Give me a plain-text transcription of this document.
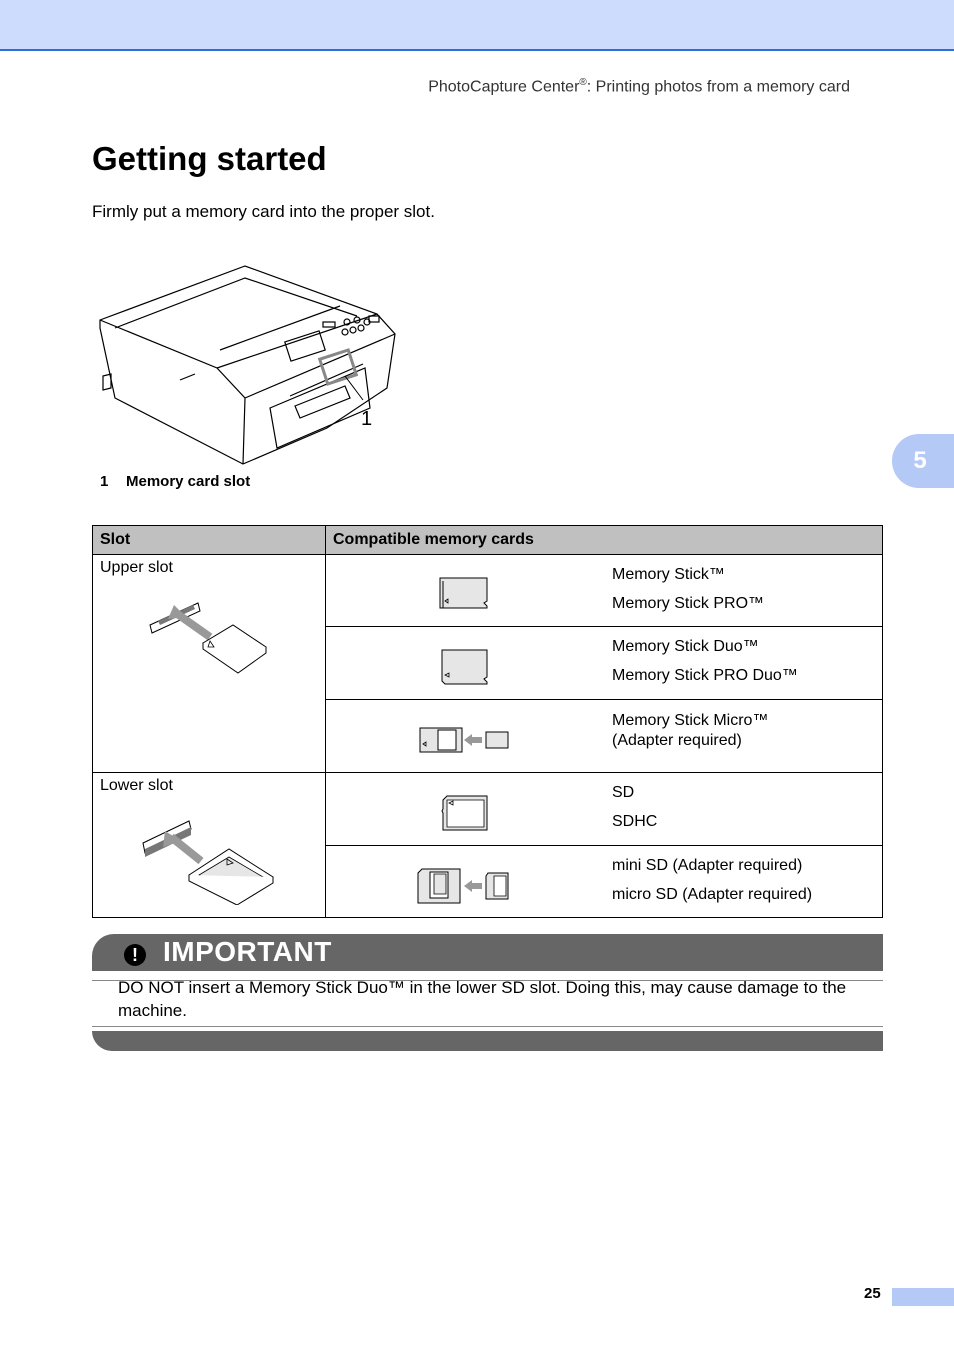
PhotoCapture Center®: Printing photos from a memory card
Getting started
Firmly put a memory card into the proper slot.
1
1 Memory card slot
5
Slot	Compatible memory cards

Upper slot	Memory Stick™
Memory Stick PRO™

	Memory Stick Duo™
Memory Stick PRO Duo™

	Memory Stick Micro™
(Adapter required)

Lower slot	SD
SDHC

	mini SD (Adapter required)
micro SD (Adapter required)
! IMPORTANT
DO NOT insert a Memory Stick Duo™ in the lower SD slot. Doing this, may cause damage to the machine.
25
